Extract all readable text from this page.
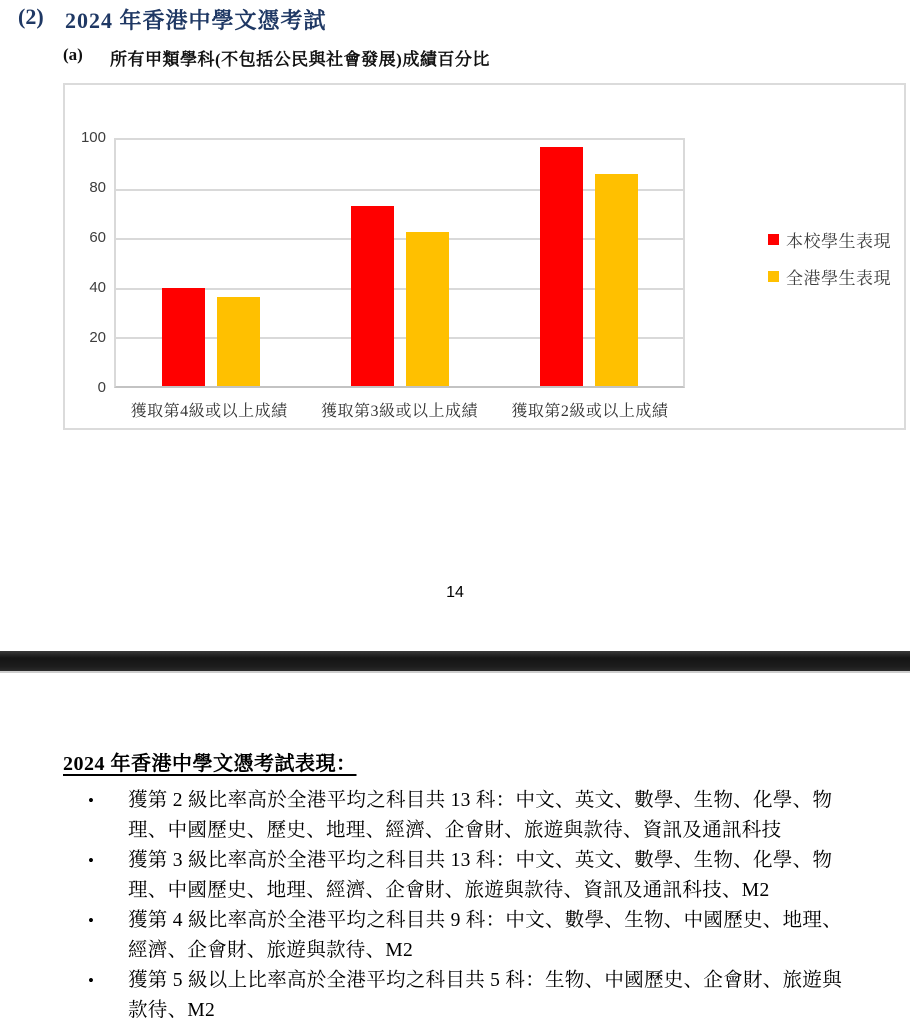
(2) 2024 年香港中學文憑考試
(a) 所有甲類學科(不包括公民與社會發展)成績百分比
100
80
60
40
20
0
獲取第4級或以上成績	獲取第3級或以上成績	獲取第2級或以上成績
本校學生表現
全港學生表現
14
2024 年香港中學文憑考試表現：
• 獲第 2 級比率高於全港平均之科目共 13 科：中文、英文、數學、生物、化學、物理、中國歷史、歷史、地理、經濟、企會財、旅遊與款待、資訊及通訊科技
• 獲第 3 級比率高於全港平均之科目共 13 科：中文、英文、數學、生物、化學、物理、中國歷史、地理、經濟、企會財、旅遊與款待、資訊及通訊科技、M2
• 獲第 4 級比率高於全港平均之科目共 9 科：中文、數學、生物、中國歷史、地理、經濟、企會財、旅遊與款待、M2
• 獲第 5 級以上比率高於全港平均之科目共 5 科：生物、中國歷史、企會財、旅遊與款待、M2
